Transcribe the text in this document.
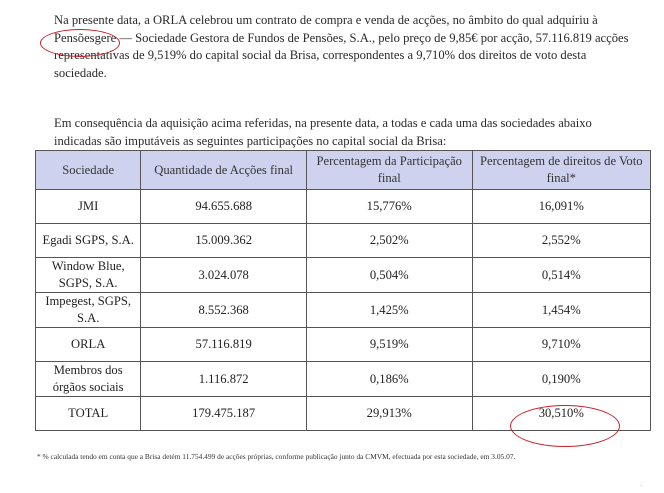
Na presente data, a ORLA celebrou um contrato de compra e venda de acções, no âmbito do qual adquiriu à
Pensõesgere — Sociedade Gestora de Fundos de Pensões, S.A., pelo preço de 9,85€ por acção, 57.116.819 acções representativas de 9,519% do capital social da Brisa, correspondentes a 9,710% dos direitos de voto desta sociedade.
Em consequência da aquisição acima referidas, na presente data, a todas e cada uma das sociedades abaixo indicadas são imputáveis as seguintes participações no capital social da Brisa:
Sociedade	Quantidade de Acções final	Percentagem da Participação final	Percentagem de direitos de Voto final*
JMI	94.655.688	15,776%	16,091%
Egadi SGPS, S.A.	15.009.362	2,502%	2,552%
Window Blue, SGPS, S.A.	3.024.078	0,504%	0,514%
Impegest, SGPS, S.A.	8.552.368	1,425%	1,454%
ORLA	57.116.819	9,519%	9,710%
Membros dos órgãos sociais	1.116.872	0,186%	0,190%
TOTAL	179.475.187	29,913%	30,510%
* % calculada tendo em conta que a Brisa detém 11.754.499 de acções próprias, conforme publicação junto da CMVM, efectuada por esta sociedade, em 3.05.07.
·
